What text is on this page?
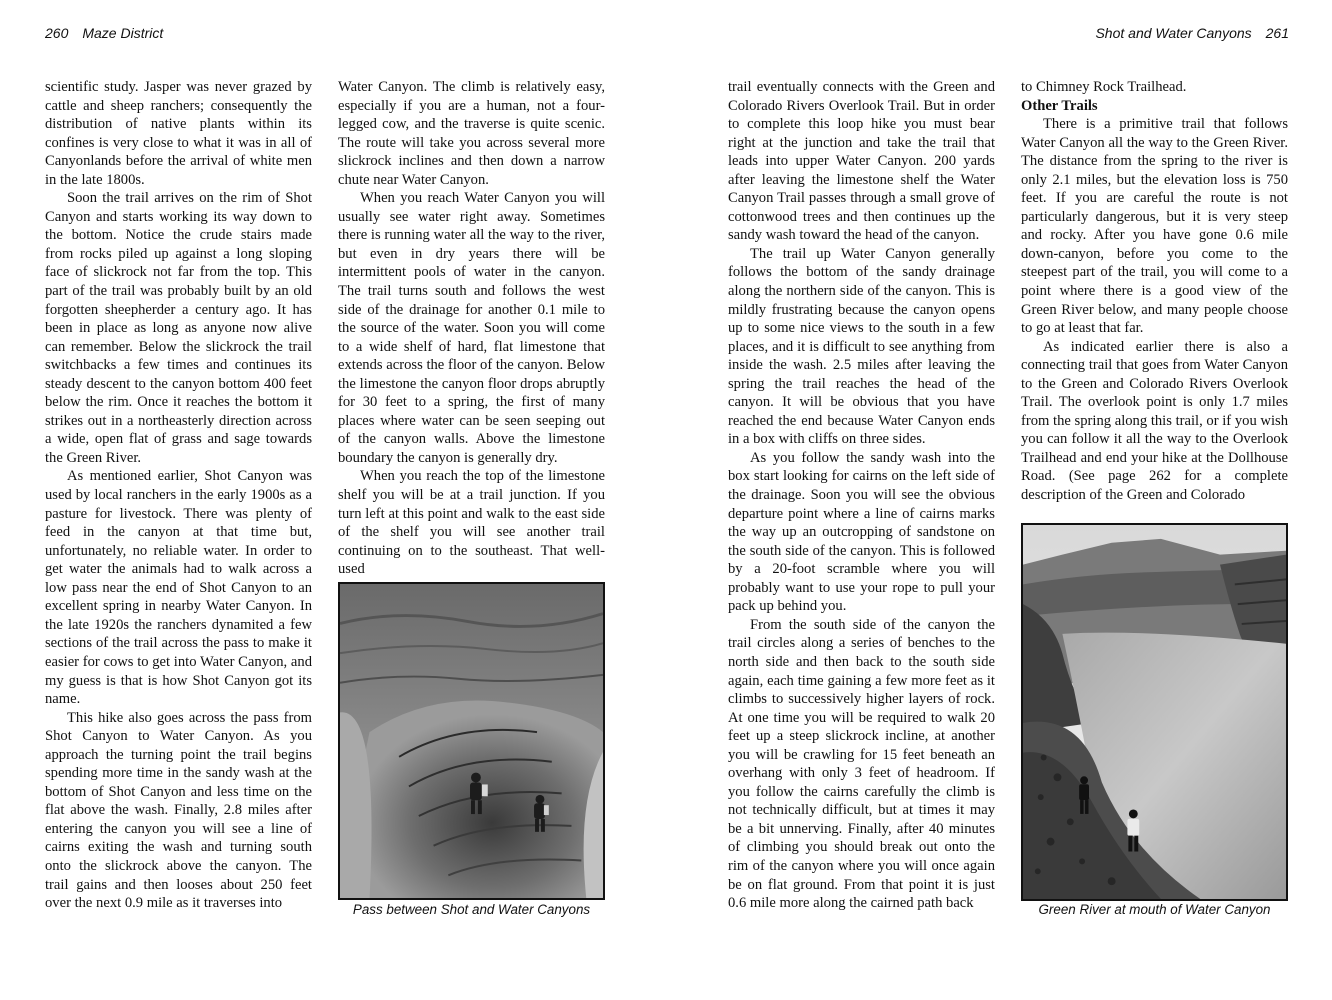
260 Maze District	Shot and Water Canyons 261

scientific study. Jasper was never grazed by cattle and sheep ranchers; consequently the distribution of native plants within its confines is very close to what it was in all of Canyonlands before the arrival of white men in the late 1800s.

Soon the trail arrives on the rim of Shot Canyon and starts working its way down to the bottom. Notice the crude stairs made from rocks piled up against a long sloping face of slickrock not far from the top. This part of the trail was probably built by an old forgotten sheepherder a century ago. It has been in place as long as anyone now alive can remember. Below the slickrock the trail switchbacks a few times and continues its steady descent to the canyon bottom 400 feet below the rim. Once it reaches the bottom it strikes out in a northeasterly direction across a wide, open flat of grass and sage towards the Green River.

As mentioned earlier, Shot Canyon was used by local ranchers in the early 1900s as a pasture for livestock. There was plenty of feed in the canyon at that time but, unfortunately, no reliable water. In order to get water the animals had to walk across a low pass near the end of Shot Canyon to an excellent spring in nearby Water Canyon. In the late 1920s the ranchers dynamited a few sections of the trail across the pass to make it easier for cows to get into Water Canyon, and my guess is that is how Shot Canyon got its name.

This hike also goes across the pass from Shot Canyon to Water Canyon. As you approach the turning point the trail begins spending more time in the sandy wash at the bottom of Shot Canyon and less time on the flat above the wash. Finally, 2.8 miles after entering the canyon you will see a line of cairns exiting the wash and turning south onto the slickrock above the canyon. The trail gains and then looses about 250 feet over the next 0.9 mile as it traverses into

Water Canyon. The climb is relatively easy, especially if you are a human, not a four-legged cow, and the traverse is quite scenic. The route will take you across several more slickrock inclines and then down a narrow chute near Water Canyon.

When you reach Water Canyon you will usually see water right away. Sometimes there is running water all the way to the river, but even in dry years there will be intermittent pools of water in the canyon. The trail turns south and follows the west side of the drainage for another 0.1 mile to the source of the water. Soon you will come to a wide shelf of hard, flat limestone that extends across the floor of the canyon. Below the limestone the canyon floor drops abruptly for 30 feet to a spring, the first of many places where water can be seen seeping out of the canyon walls. Above the limestone boundary the canyon is generally dry.

When you reach the top of the limestone shelf you will be at a trail junction. If you turn left at this point and walk to the east side of the shelf you will see another trail continuing on to the southeast. That well-used

Pass between Shot and Water Canyons

trail eventually connects with the Green and Colorado Rivers Overlook Trail. But in order to complete this loop hike you must bear right at the junction and take the trail that leads into upper Water Canyon. 200 yards after leaving the limestone shelf the Water Canyon Trail passes through a small grove of cottonwood trees and then continues up the sandy wash toward the head of the canyon.

The trail up Water Canyon generally follows the bottom of the sandy drainage along the northern side of the canyon. This is mildly frustrating because the canyon opens up to some nice views to the south in a few places, and it is difficult to see anything from inside the wash. 2.5 miles after leaving the spring the trail reaches the head of the canyon. It will be obvious that you have reached the end because Water Canyon ends in a box with cliffs on three sides.

As you follow the sandy wash into the box start looking for cairns on the left side of the drainage. Soon you will see the obvious departure point where a line of cairns marks the way up an outcropping of sandstone on the south side of the canyon. This is followed by a 20-foot scramble where you will probably want to use your rope to pull your pack up behind you.

From the south side of the canyon the trail circles along a series of benches to the north side and then back to the south side again, each time gaining a few more feet as it climbs to successively higher layers of rock. At one time you will be required to walk 20 feet up a steep slickrock incline, at another you will be crawling for 15 feet beneath an overhang with only 3 feet of headroom. If you follow the cairns carefully the climb is not technically difficult, but at times it may be a bit unnerving. Finally, after 40 minutes of climbing you should break out onto the rim of the canyon where you will once again be on flat ground. From that point it is just 0.6 mile more along the cairned path back

to Chimney Rock Trailhead.

Other Trails

There is a primitive trail that follows Water Canyon all the way to the Green River. The distance from the spring to the river is only 2.1 miles, but the elevation loss is 750 feet. If you are careful the route is not particularly dangerous, but it is very steep and rocky. After you have gone 0.6 mile down-canyon, before you come to the steepest part of the trail, you will come to a point where there is a good view of the Green River below, and many people choose to go at least that far.

As indicated earlier there is also a connecting trail that goes from Water Canyon to the Green and Colorado Rivers Overlook Trail. The overlook point is only 1.7 miles from the spring along this trail, or if you wish you can follow it all the way to the Overlook Trailhead and end your hike at the Dollhouse Road. (See page 262 for a complete description of the Green and Colorado

Green River at mouth of Water Canyon
